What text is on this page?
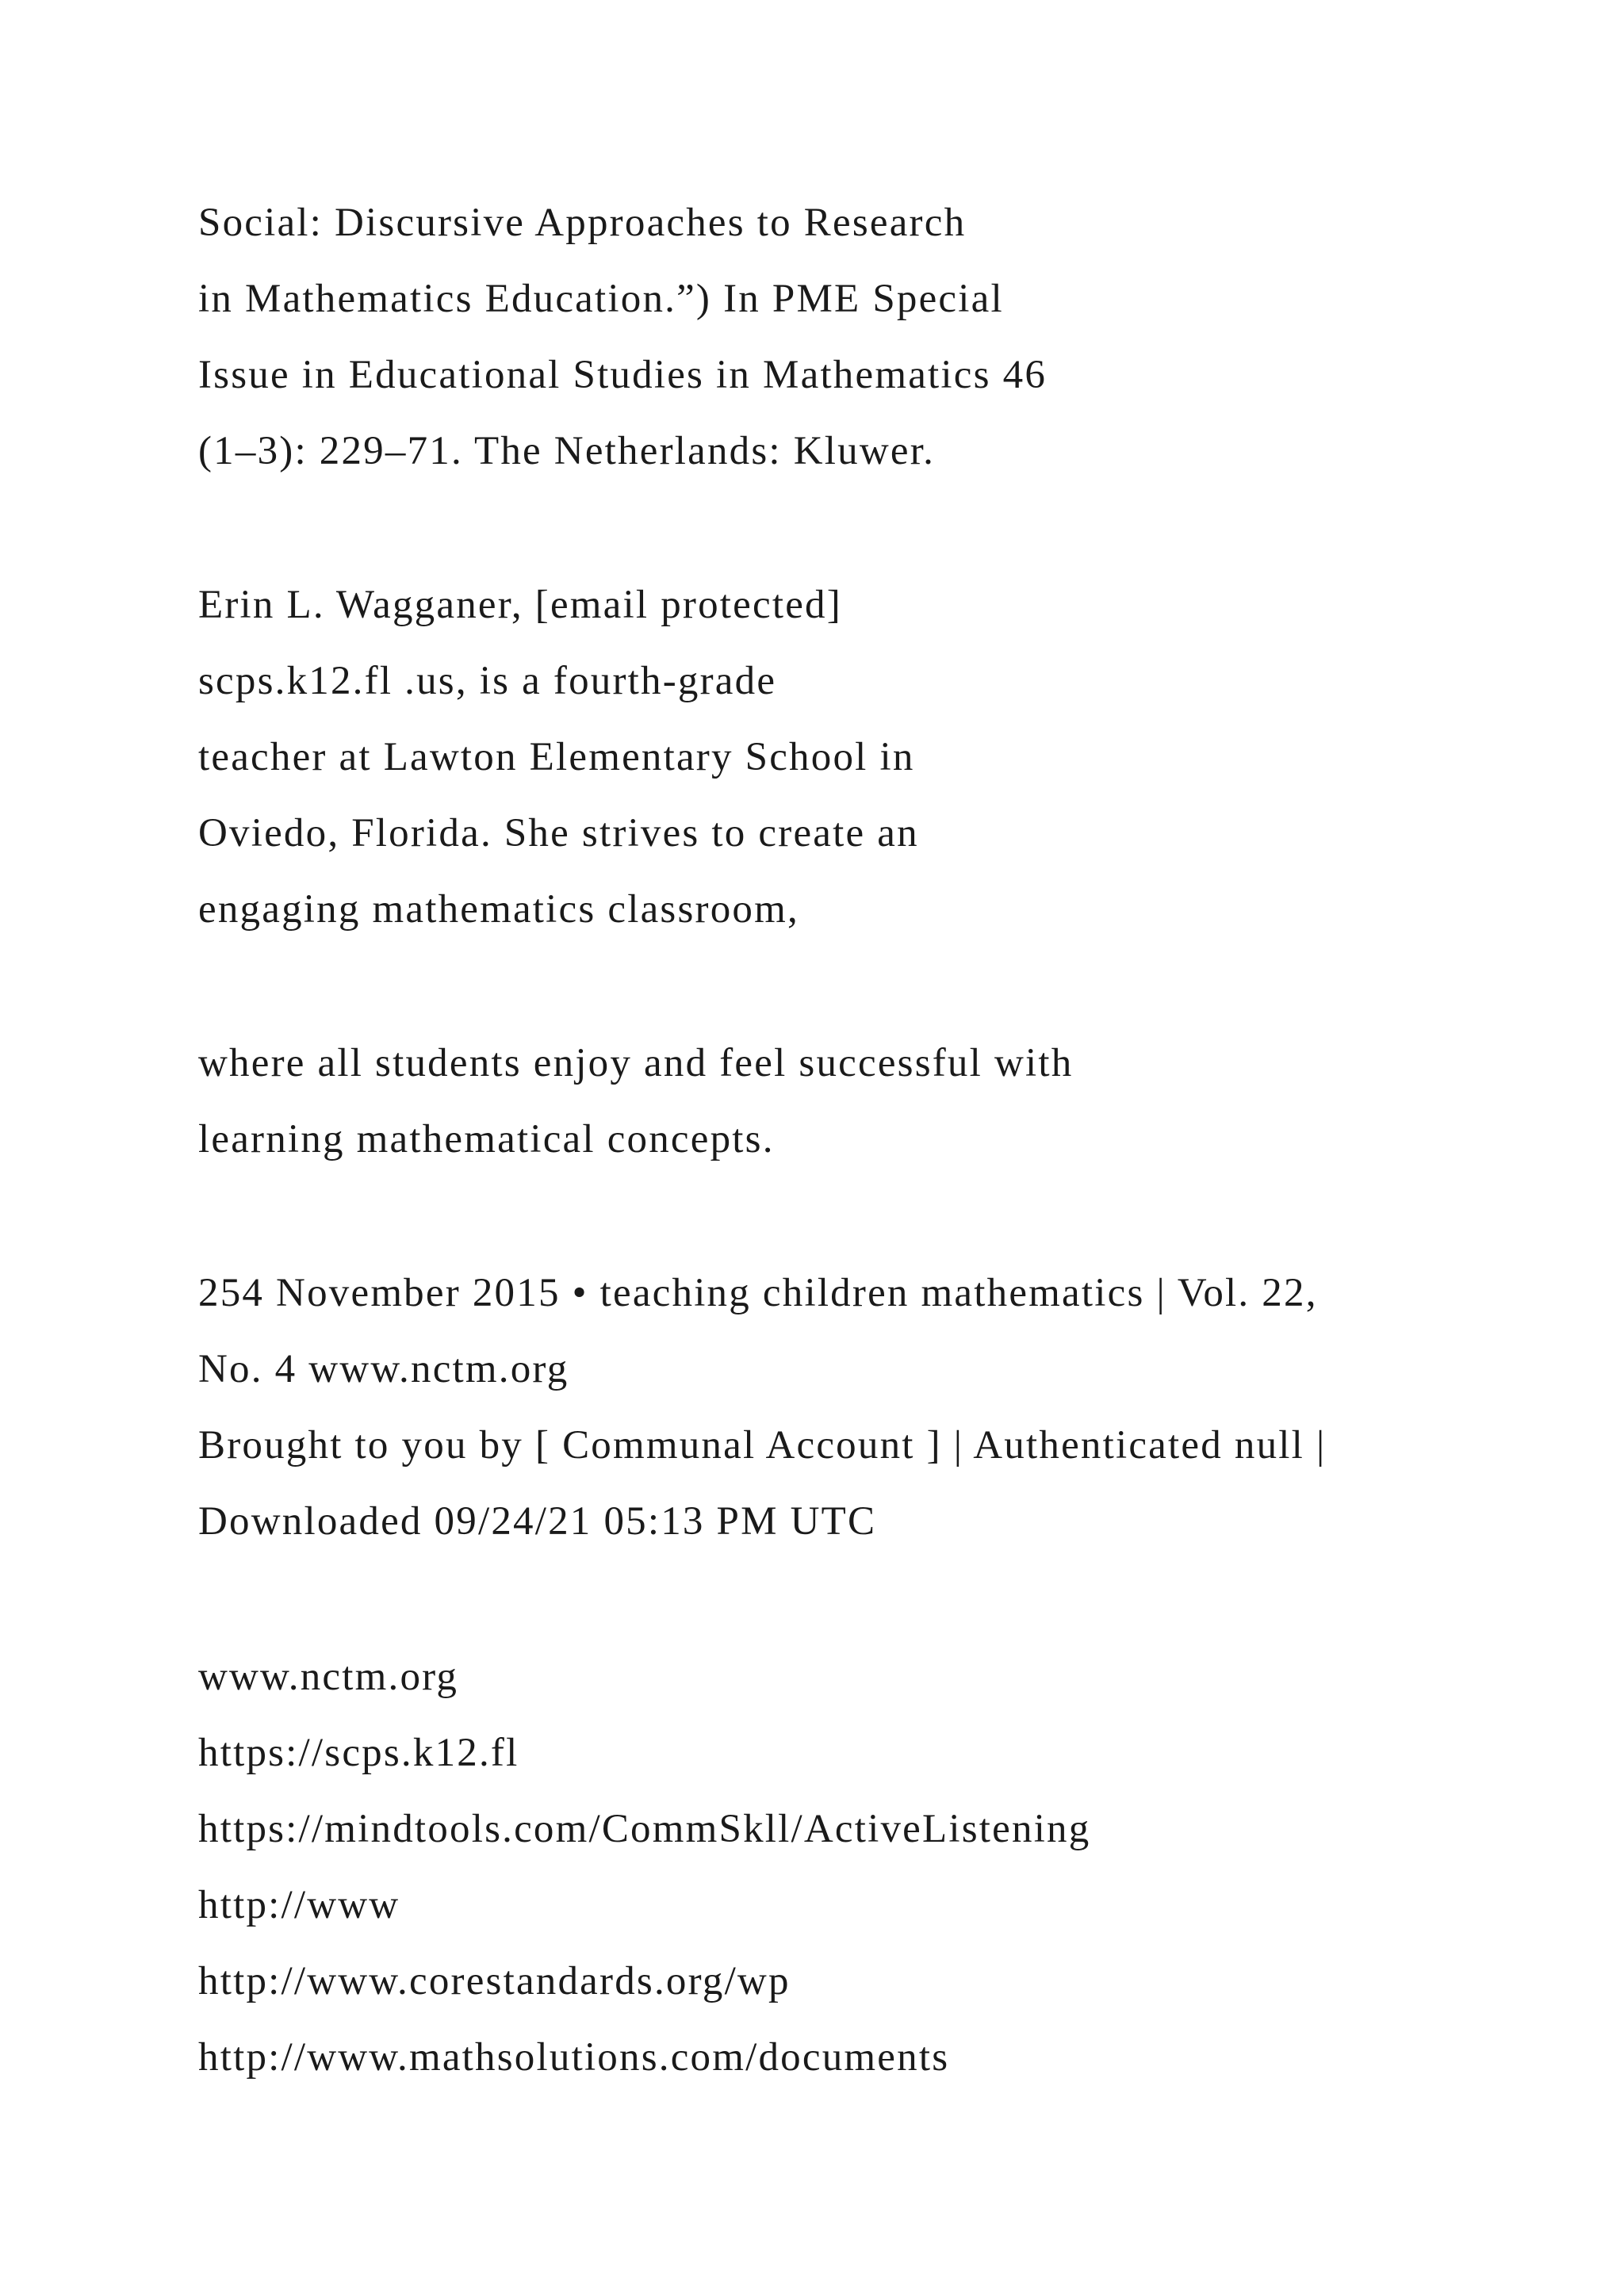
Social: Discursive Approaches to Research

in Mathematics Education.”) In PME Special

Issue in Educational Studies in Mathematics 46

(1–3): 229–71. The Netherlands: Kluwer.

Erin L. Wagganer, [email protected]

scps.k12.fl .us, is a fourth-grade

teacher at Lawton Elementary School in

Oviedo, Florida. She strives to create an

engaging mathematics classroom,

where all students enjoy and feel successful with

learning mathematical concepts.

254 November 2015 • teaching children mathematics | Vol. 22,

No. 4 www.nctm.org

Brought to you by [ Communal Account ] | Authenticated null |

Downloaded 09/24/21 05:13 PM UTC

www.nctm.org
https://scps.k12.fl
https://mindtools.com/CommSkll/ActiveListening
http://www
http://www.corestandards.org/wp
http://www.mathsolutions.com/documents
